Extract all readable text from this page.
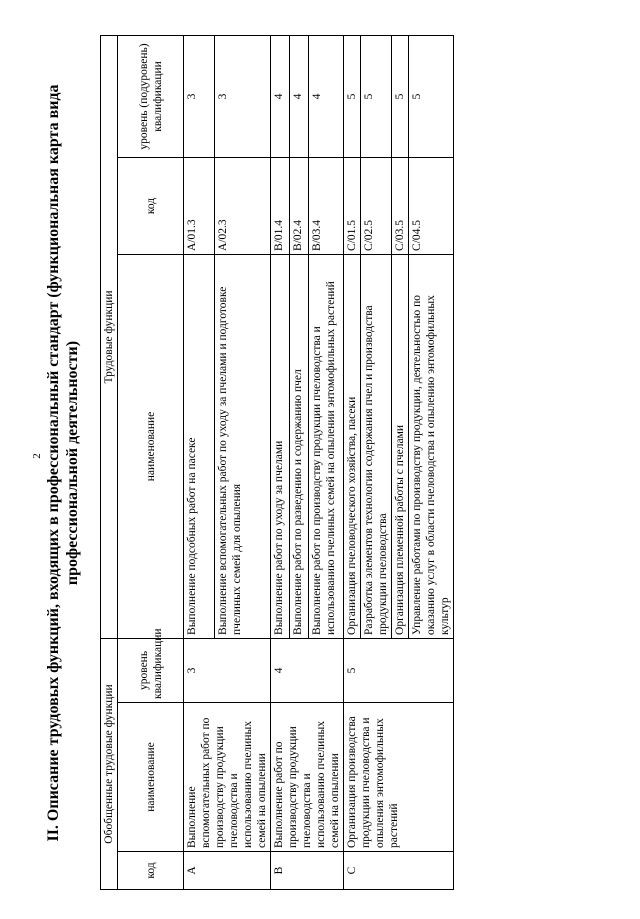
2 II. Описание трудовых функций, входящих в профессиональный стандарт (функциональная карта вида профессиональной деятельности)
Обобщенные трудовые функции			Трудовые функции		
код	наименование	уровень квалификации	наименование	код	уровень (подуровень) квалификации
A	Выполнение вспомогательных работ по производству продукции пчеловодства и использованию пчелиных семей на опылении	3	Выполнение подсобных работ на пасеке	A/01.3	3
			Выполнение вспомогательных работ по уходу за пчелами и подготовке пчелиных семей для опыления	A/02.3	3
B	Выполнение работ по производству продукции пчеловодства и использованию пчелиных семей на опылении	4	Выполнение работ по уходу за пчелами	B/01.4	4
			Выполнение работ по разведению и содержанию пчел	B/02.4	4
			Выполнение работ по производству продукции пчеловодства и использованию пчелиных семей на опылении энтомофильных растений	B/03.4	4
C	Организация производства продукции пчеловодства и опыления энтомофильных растений	5	Организация пчеловодческого хозяйства, пасеки	C/01.5	5
			Разработка элементов технологии содержания пчел и производства продукции пчеловодства	C/02.5	5
			Организация племенной работы с пчелами	C/03.5	5
			Управление работами по производству продукции, деятельностью по оказанию услуг в области пчеловодства и опылению энтомофильных культур	C/04.5	5
